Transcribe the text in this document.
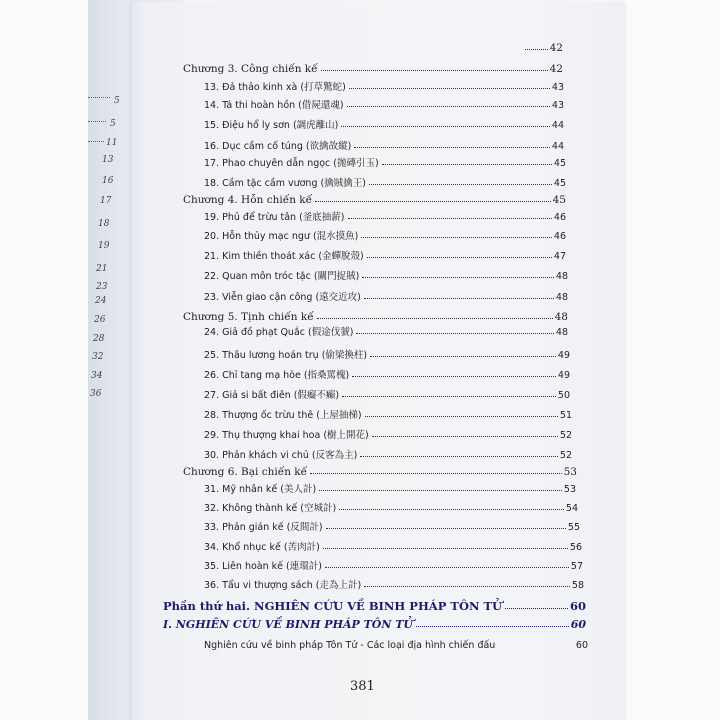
5
5
11
13
16
17
18
19
21
23
24
26
28
32
34
36
42
Chương 3. Công chiến kế	42
13. Đả thảo kinh xà (打草驚蛇)	43
14. Tá thi hoàn hồn (借屍還魂)	43
15. Điệu hổ ly sơn (調虎離山)	44
16. Dục cầm cố túng (欲擒故縱)	44
17. Phao chuyên dẫn ngọc (拋磚引玉)	45
18. Cầm tặc cầm vương (擒賊擒王)	45
Chương 4. Hỗn chiến kế	45
19. Phủ để trừu tân (釜底抽薪)	46
20. Hỗn thủy mạc ngư (混水摸魚)	46
21. Kim thiền thoát xác (金蟬脫殼)	47
22. Quan môn tróc tặc (關門捉賊)	48
23. Viễn giao cận công (遠交近攻)	48
Chương 5. Tịnh chiến kế	48
24. Giả đồ phạt Quắc (假途伐虢)	48
25. Thâu lương hoán trụ (偷梁換柱)	49
26. Chỉ tang mạ hòe (指桑罵槐)	49
27. Giả si bất điên (假癡不癲)	50
28. Thượng ốc trừu thê (上屋抽梯)	51
29. Thụ thượng khai hoa (樹上開花)	52
30. Phản khách vi chủ (反客為主)	52
Chương 6. Bại chiến kế	53
31. Mỹ nhân kế (美人計)	53
32. Không thành kế (空城計)	54
33. Phản gián kế (反間計)	55
34. Khổ nhục kế (苦肉計)	56
35. Liên hoàn kế (連環計)	57
36. Tẩu vi thượng sách (走為上計)	58
Phần thứ hai. NGHIÊN CỨU VỀ BINH PHÁP TÔN TỬ	60
I. NGHIÊN CỨU VỀ BINH PHÁP TÔN TỬ	60
Nghiên cứu về binh pháp Tôn Tử - Các loại địa hình chiến đấu	60
381
